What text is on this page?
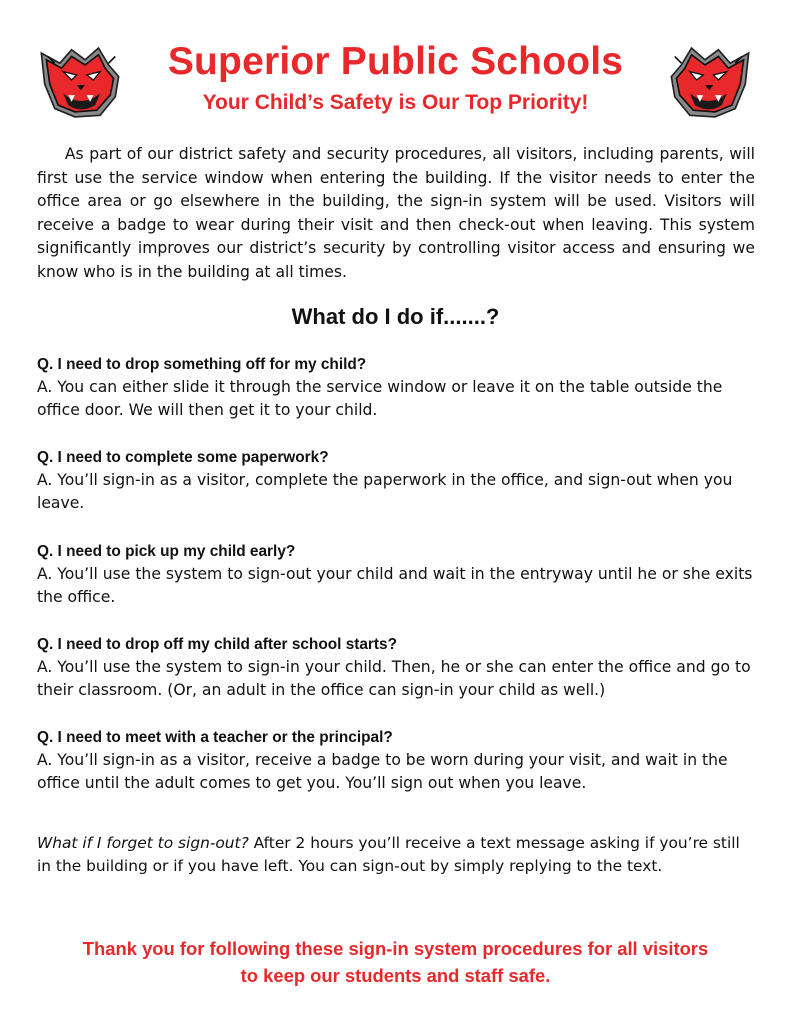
Superior Public Schools
Your Child’s Safety is Our Top Priority!

As part of our district safety and security procedures, all visitors, including parents, will first use the service window when entering the building. If the visitor needs to enter the office area or go elsewhere in the building, the sign-in system will be used. Visitors will receive a badge to wear during their visit and then check-out when leaving. This system significantly improves our district’s security by controlling visitor access and ensuring we know who is in the building at all times.

What do I do if.......?

Q. I need to drop something off for my child?

A. You can either slide it through the service window or leave it on the table outside the office door. We will then get it to your child.

Q. I need to complete some paperwork?

A. You’ll sign-in as a visitor, complete the paperwork in the office, and sign-out when you leave.

Q. I need to pick up my child early?

A. You’ll use the system to sign-out your child and wait in the entryway until he or she exits the office.

Q. I need to drop off my child after school starts?

A. You’ll use the system to sign-in your child. Then, he or she can enter the office and go to their classroom. (Or, an adult in the office can sign-in your child as well.)

Q. I need to meet with a teacher or the principal?

A. You’ll sign-in as a visitor, receive a badge to be worn during your visit, and wait in the office until the adult comes to get you. You’ll sign out when you leave.

What if I forget to sign-out? After 2 hours you’ll receive a text message asking if you’re still in the building or if you have left. You can sign-out by simply replying to the text.

Thank you for following these sign-in system procedures for all visitors
to keep our students and staff safe.
